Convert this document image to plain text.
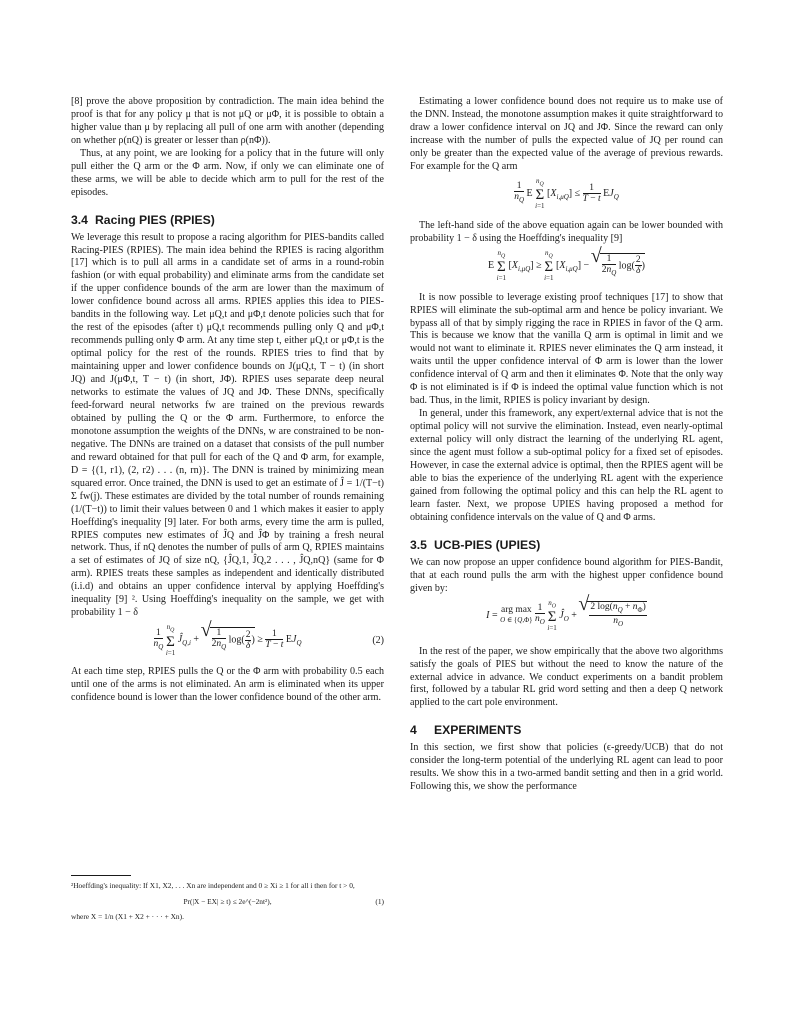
[8] prove the above proposition by contradiction. The main idea behind the proof is that for any policy μ that is not μQ or μΦ, it is possible to obtain a higher value than μ by replacing all pull of one arm with another (depending on whether ρ(nQ) is greater or lesser than ρ(nΦ)).

Thus, at any point, we are looking for a policy that in the future will only pull either the Q arm or the Φ arm. Now, if only we can eliminate one of these arms, we will be able to decide which arm to pull for the rest of the episodes.

3.4 Racing PIES (RPIES)

We leverage this result to propose a racing algorithm for PIES-bandits called Racing-PIES (RPIES). The main idea behind the RPIES is racing algorithm [17] which is to pull all arms in a candidate set of arms in a round-robin fashion (or with equal probability) and eliminate arms from the candidate set if the upper confidence bounds of the arm are lower than the maximum of lower confidence bound across all arms. RPIES applies this idea to PIES-bandits in the following way. Let μQ,t and μΦ,t denote policies such that for the rest of the episodes (after t) μQ,t recommends pulling only Q and μΦ,t recommends pulling only Φ arm. At any time step t, either μQ,t or μΦ,t is the optimal policy for the rest of the rounds. RPIES tries to find that by maintaining upper and lower confidence bounds on J(μQ,t, T − t) (in short JQ) and J(μΦ,t, T − t) (in short, JΦ). RPIES uses separate deep neural networks to estimate the values of JQ and JΦ. These DNNs, specifically feed-forward neural networks fw are trained on the previous rewards obtained by pulling the Q or the Φ arm. Furthermore, to enforce the monotone assumption the weights of the DNNs, w are constrained to be non-negative. The DNNs are trained on a dataset that consists of the pull number and reward obtained for that pull for each of the Q and Φ arm, for example, D = {(1, r1), (2, r2) . . . (n, rn)}. The DNN is trained by minimizing mean squared error. Once trained, the DNN is used to get an estimate of Ĵ = 1/(T−t) Σ fw(j). These estimates are divided by the total number of rounds remaining (1/(T−t)) to limit their values between 0 and 1 which makes it easier to apply Hoeffding's inequality [9] later. For both arms, every time the arm is pulled, RPIES computes new estimates of ĴQ and ĴΦ by training a fresh neural network. Thus, if nQ denotes the number of pulls of arm Q, RPIES maintains a set of estimates of JQ of size nQ, {ĴQ,1, ĴQ,2 . . . , ĴQ,nQ} (same for Φ arm). RPIES treats these samples as independent and identically distributed (i.i.d) and obtains an upper confidence interval by applying Hoeffding's inequality [9] ². Using Hoeffding's inequality on the sample, we get with probability 1 − δ

$\frac{1}{n_Q}$
$n_Q$
Σ
i=1 $Ĵ_{Q,i}$ + √ $\frac{1}{2n_Q} \log( \frac{2}{\delta}$ ) ≥ $\frac{1}{T - t} EJ_Q$	(2)

At each time step, RPIES pulls the Q or the Φ arm with probability 0.5 each until one of the arms is not eliminated. An arm is eliminated when its upper confidence bound is lower than the lower confidence bound of the other arm.

²Hoeffding's inequality: If X1, X2, . . . Xn are independent and 0 ≥ Xi ≥ 1 for all i then for t > 0,

Pr(|X − EX| ≥ t) ≤ 2e^(−2nt²),	(1)

where X = 1/n (X1 + X2 + · · · + Xn).

Estimating a lower confidence bound does not require us to make use of the DNN. Instead, the monotone assumption makes it quite straightforward to draw a lower confidence interval on JQ and JΦ. Since the reward can only increase with the number of pulls the expected value of JQ per round can only be greater than the expected value of the average of previous rewards. For example for the Q arm

$\frac{1}{n_Q}$ E $n_Q$
Σ
i=1 $[X_{i,\mu Q}] \le \frac{1}{T - t} EJ_Q$

The left-hand side of the above equation again can be lower bounded with probability 1 − δ using the Hoeffding's inequality [9]

E $n_Q$
Σ
i=1 $[X_{i,\mu Q}] \ge n_Q$
Σ
i=1 $[X_{i,\mu Q}]$ − √ $\frac{1}{2n_Q} \log( \frac{2}{\delta}$ )

It is now possible to leverage existing proof techniques [17] to show that RPIES will eliminate the sub-optimal arm and hence be policy invariant. We bypass all of that by simply rigging the race in RPIES in favor of the Q arm. This is because we know that the vanilla Q arm is optimal in limit and we would not want to eliminate it. RPIES never eliminates the Q arm instead, it waits until the upper confidence interval of Φ arm is lower than the lower confidence interval of Q arm and then it eliminates Φ. Note that the only way Φ is not eliminated is if Φ is indeed the optimal value function which is not bad. Thus, in the limit, RPIES is policy invariant by design.

In general, under this framework, any expert/external advice that is not the optimal policy will not survive the elimination. Instead, even nearly-optimal external policy will only distract the learning of the underlying RL agent, since the agent must follow a sub-optimal policy for a fixed set of episodes. However, in case the external advice is optimal, then the RPIES agent will be able to bias the experience of the underlying RL agent with the experience gained from following the optimal policy and this can help the RL agent to learn faster. Next, we propose UPIES having proposed a method for obtaining confidence intervals on the value of Q and Φ arms.

3.5 UCB-PIES (UPIES)

We can now propose an upper confidence bound algorithm for PIES-Bandit, that at each round pulls the arm with the highest upper confidence bound given by:

I = arg max
O ∈ {Q,Φ}
$\frac{1}{n_O}$
$n_O$
Σ
i=1 $Ĵ_O$ + √ $\frac{2 \log(n_Q + n_\Phi)}{n_O}$

In the rest of the paper, we show empirically that the above two algorithms satisfy the goals of PIES but without the need to know the nature of the external advice in advance. We conduct experiments on a bandit problem first, followed by a tabular RL grid word setting and then a deep Q network applied to the cart pole environment.

4 EXPERIMENTS

In this section, we first show that policies (ϵ-greedy/UCB) that do not consider the long-term potential of the underlying RL agent can lead to poor results. We show this in a two-armed bandit setting and then in a grid world. Following this, we show the performance
